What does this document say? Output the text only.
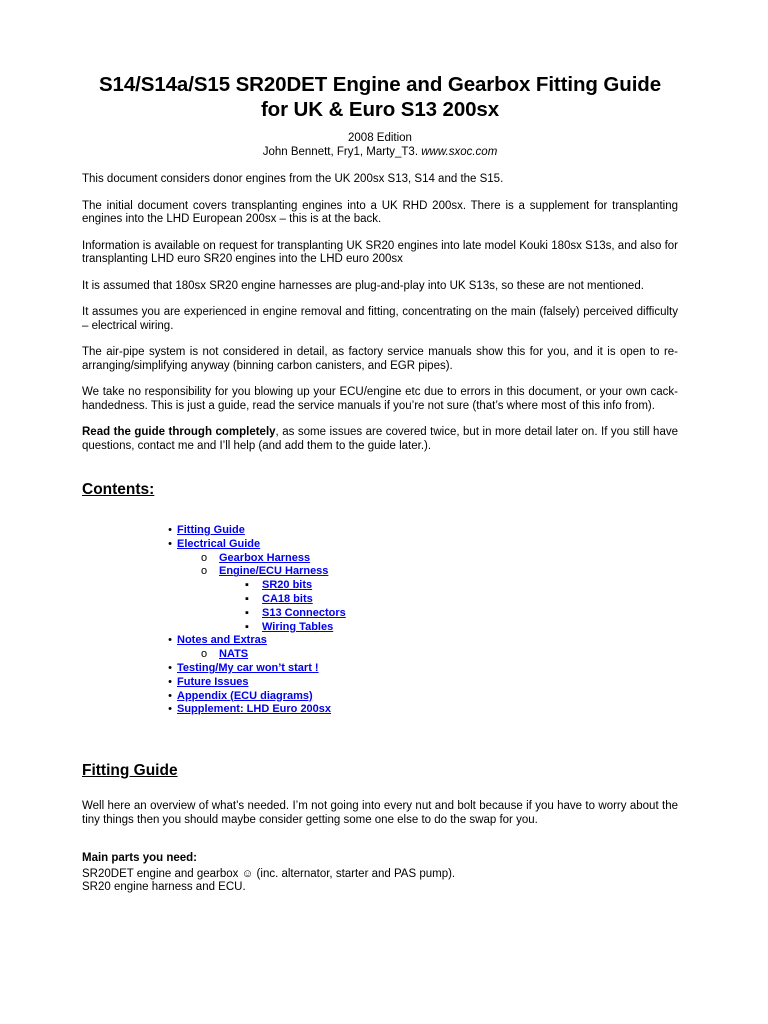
S14/S14a/S15 SR20DET Engine and Gearbox Fitting Guide
for UK & Euro S13 200sx
2008 Edition
John Bennett, Fry1, Marty_T3. www.sxoc.com

This document considers donor engines from the UK 200sx S13, S14 and the S15.

The initial document covers transplanting engines into a UK RHD 200sx. There is a supplement for transplanting engines into the LHD European 200sx – this is at the back.

Information is available on request for transplanting UK SR20 engines into late model Kouki 180sx S13s, and also for transplanting LHD euro SR20 engines into the LHD euro 200sx

It is assumed that 180sx SR20 engine harnesses are plug-and-play into UK S13s, so these are not mentioned.

It assumes you are experienced in engine removal and fitting, concentrating on the main (falsely) perceived difficulty – electrical wiring.

The air-pipe system is not considered in detail, as factory service manuals show this for you, and it is open to re-arranging/simplifying anyway (binning carbon canisters, and EGR pipes).

We take no responsibility for you blowing up your ECU/engine etc due to errors in this document, or your own cack-handedness. This is just a guide, read the service manuals if you’re not sure (that’s where most of this info from).

Read the guide through completely, as some issues are covered twice, but in more detail later on. If you still have questions, contact me and I’ll help (and add them to the guide later.).

Contents:
• Fitting Guide
• Electrical Guide
o Gearbox Harness
o Engine/ECU Harness
▪ SR20 bits
▪ CA18 bits
▪ S13 Connectors
▪ Wiring Tables
• Notes and Extras
o NATS
• Testing/My car won’t start !
• Future Issues
• Appendix (ECU diagrams)
• Supplement: LHD Euro 200sx
Fitting Guide

Well here an overview of what’s needed. I’m not going into every nut and bolt because if you have to worry about the tiny things then you should maybe consider getting some one else to do the swap for you.

Main parts you need:

SR20DET engine and gearbox ☺ (inc. alternator, starter and PAS pump).

SR20 engine harness and ECU.
